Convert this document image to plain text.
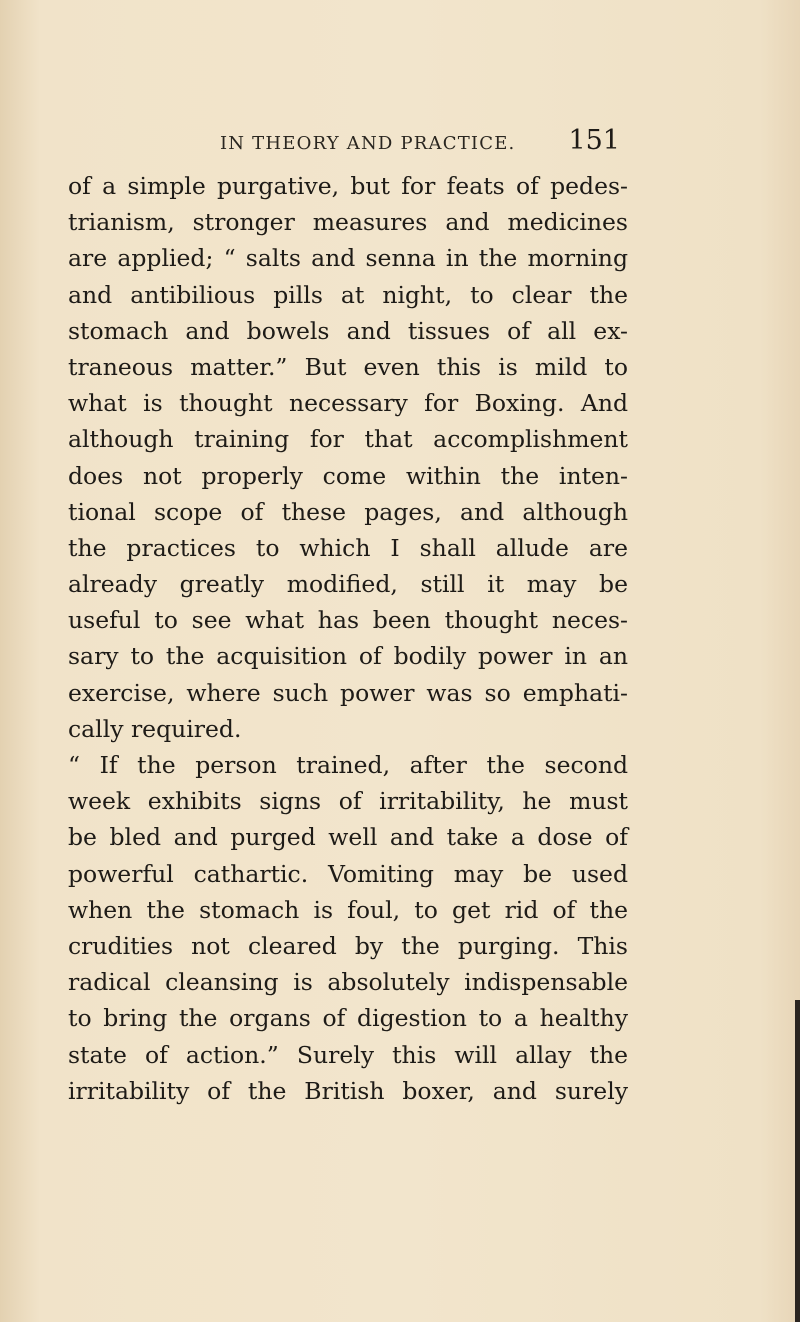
IN THEORY AND PRACTICE. 151
of a simple purgative, but for feats of pedes-
trianism, stronger measures and medicines
are applied; “ salts and senna in the morning
and antibilious pills at night, to clear the
stomach and bowels and tissues of all ex-
traneous matter.” But even this is mild to
what is thought necessary for Boxing. And
although training for that accomplishment
does not properly come within the inten-
tional scope of these pages, and although
the practices to which I shall allude are
already greatly modified, still it may be
useful to see what has been thought neces-
sary to the acquisition of bodily power in an
exercise, where such power was so emphati-
cally required.
“ If the person trained, after the second
week exhibits signs of irritability, he must
be bled and purged well and take a dose of
powerful cathartic. Vomiting may be used
when the stomach is foul, to get rid of the
crudities not cleared by the purging. This
radical cleansing is absolutely indispensable
to bring the organs of digestion to a healthy
state of action.” Surely this will allay the
irritability of the British boxer, and surely
